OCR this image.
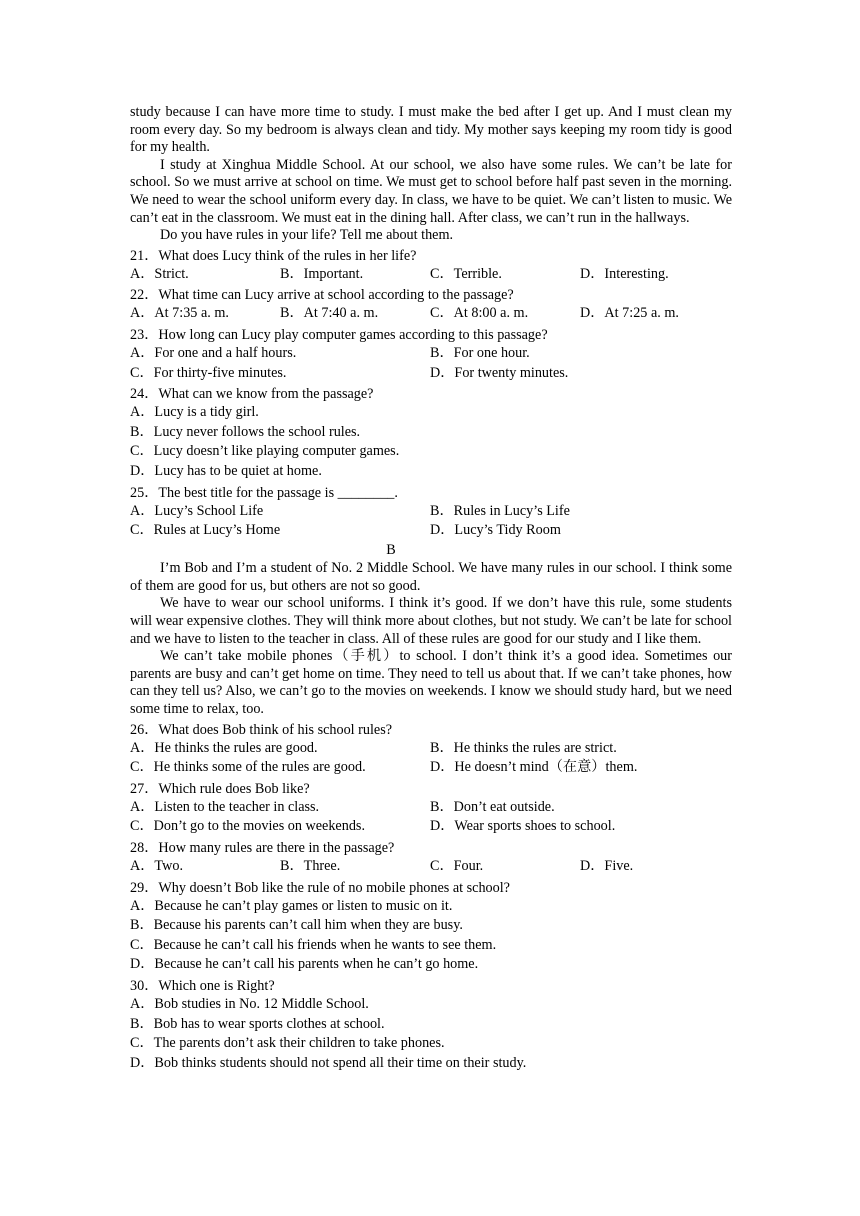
study because I can have more time to study. I must make the bed after I get up. And I must clean my room every day. So my bedroom is always clean and tidy. My mother says keeping my room tidy is good for my health.

I study at Xinghua Middle School. At our school, we also have some rules. We can’t be late for school. So we must arrive at school on time. We must get to school before half past seven in the morning. We need to wear the school uniform every day. In class, we have to be quiet. We can’t listen to music. We can’t eat in the classroom. We must eat in the dining hall. After class, we can’t run in the hallways.

Do you have rules in your life? Tell me about them.

21．What does Lucy think of the rules in her life?
A．Strict.	B．Important.	C．Terrible.	D．Interesting.
22．What time can Lucy arrive at school according to the passage?
A．At 7:35 a. m.	B．At 7:40 a. m.	C．At 8:00 a. m.	D．At 7:25 a. m.
23．How long can Lucy play computer games according to this passage?
A．For one and a half hours.	B．For one hour.
C．For thirty-five minutes.	D．For twenty minutes.
24．What can we know from the passage?
A．Lucy is a tidy girl.
B．Lucy never follows the school rules.
C．Lucy doesn’t like playing computer games.
D．Lucy has to be quiet at home.
25．The best title for the passage is ________.
A．Lucy’s School Life	B．Rules in Lucy’s Life
C．Rules at Lucy’s Home	D．Lucy’s Tidy Room
B

I’m Bob and I’m a student of No. 2 Middle School. We have many rules in our school. I think some of them are good for us, but others are not so good.

We have to wear our school uniforms. I think it’s good. If we don’t have this rule, some students will wear expensive clothes. They will think more about clothes, but not study. We can’t be late for school and we have to listen to the teacher in class. All of these rules are good for our study and I like them.

We can’t take mobile phones（手机）to school. I don’t think it’s a good idea. Sometimes our parents are busy and can’t get home on time. They need to tell us about that. If we can’t take phones, how can they tell us? Also, we can’t go to the movies on weekends. I know we should study hard, but we need some time to relax, too.

26．What does Bob think of his school rules?
A．He thinks the rules are good.	B．He thinks the rules are strict.
C．He thinks some of the rules are good.	D．He doesn’t mind（在意）them.
27．Which rule does Bob like?
A．Listen to the teacher in class.	B．Don’t eat outside.
C．Don’t go to the movies on weekends.	D．Wear sports shoes to school.
28．How many rules are there in the passage?
A．Two.	B．Three.	C．Four.	D．Five.
29．Why doesn’t Bob like the rule of no mobile phones at school?
A．Because he can’t play games or listen to music on it.
B．Because his parents can’t call him when they are busy.
C．Because he can’t call his friends when he wants to see them.
D．Because he can’t call his parents when he can’t go home.
30．Which one is Right?
A．Bob studies in No. 12 Middle School.
B．Bob has to wear sports clothes at school.
C．The parents don’t ask their children to take phones.
D．Bob thinks students should not spend all their time on their study.
